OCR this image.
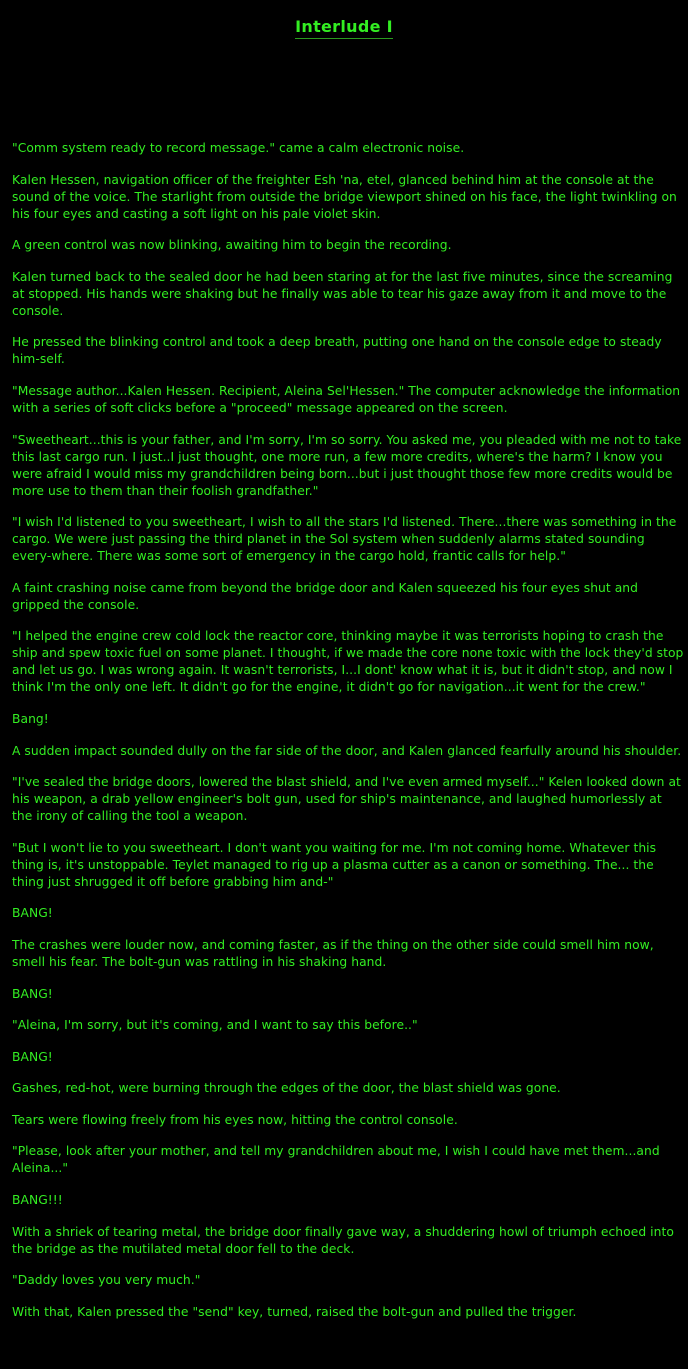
Interlude I

"Comm system ready to record message." came a calm electronic noise.

Kalen Hessen, navigation officer of the freighter Esh 'na, etel, glanced behind him at the console at the sound of the voice. The starlight from outside the bridge viewport shined on his face, the light twinkling on his four eyes and casting a soft light on his pale violet skin.

A green control was now blinking, awaiting him to begin the recording.

Kalen turned back to the sealed door he had been staring at for the last five minutes, since the screaming at stopped. His hands were shaking but he finally was able to tear his gaze away from it and move to the console.

He pressed the blinking control and took a deep breath, putting one hand on the console edge to steady him-self.

"Message author...Kalen Hessen. Recipient, Aleina Sel'Hessen." The computer acknowledge the information with a series of soft clicks before a "proceed" message appeared on the screen.

"Sweetheart...this is your father, and I'm sorry, I'm so sorry. You asked me, you pleaded with me not to take this last cargo run. I just..I just thought, one more run, a few more credits, where's the harm? I know you were afraid I would miss my grandchildren being born...but i just thought those few more credits would be more use to them than their foolish grandfather."

"I wish I'd listened to you sweetheart, I wish to all the stars I'd listened. There...there was something in the cargo. We were just passing the third planet in the Sol system when suddenly alarms stated sounding every-where. There was some sort of emergency in the cargo hold, frantic calls for help."

A faint crashing noise came from beyond the bridge door and Kalen squeezed his four eyes shut and gripped the console.

"I helped the engine crew cold lock the reactor core, thinking maybe it was terrorists hoping to crash the ship and spew toxic fuel on some planet. I thought, if we made the core none toxic with the lock they'd stop and let us go. I was wrong again. It wasn't terrorists, I...I dont' know what it is, but it didn't stop, and now I think I'm the only one left. It didn't go for the engine, it didn't go for navigation...it went for the crew."

Bang!

A sudden impact sounded dully on the far side of the door, and Kalen glanced fearfully around his shoulder.

"I've sealed the bridge doors, lowered the blast shield, and I've even armed myself..." Kelen looked down at his weapon, a drab yellow engineer's bolt gun, used for ship's maintenance, and laughed humorlessly at the irony of calling the tool a weapon.

"But I won't lie to you sweetheart. I don't want you waiting for me. I'm not coming home. Whatever this thing is, it's unstoppable. Teylet managed to rig up a plasma cutter as a canon or something. The... the thing just shrugged it off before grabbing him and-"

BANG!

The crashes were louder now, and coming faster, as if the thing on the other side could smell him now, smell his fear. The bolt-gun was rattling in his shaking hand.

BANG!

"Aleina, I'm sorry, but it's coming, and I want to say this before.."

BANG!

Gashes, red-hot, were burning through the edges of the door, the blast shield was gone.

Tears were flowing freely from his eyes now, hitting the control console.

"Please, look after your mother, and tell my grandchildren about me, I wish I could have met them...and Aleina..."

BANG!!!

With a shriek of tearing metal, the bridge door finally gave way, a shuddering howl of triumph echoed into the bridge as the mutilated metal door fell to the deck.

"Daddy loves you very much."

With that, Kalen pressed the "send" key, turned, raised the bolt-gun and pulled the trigger.
